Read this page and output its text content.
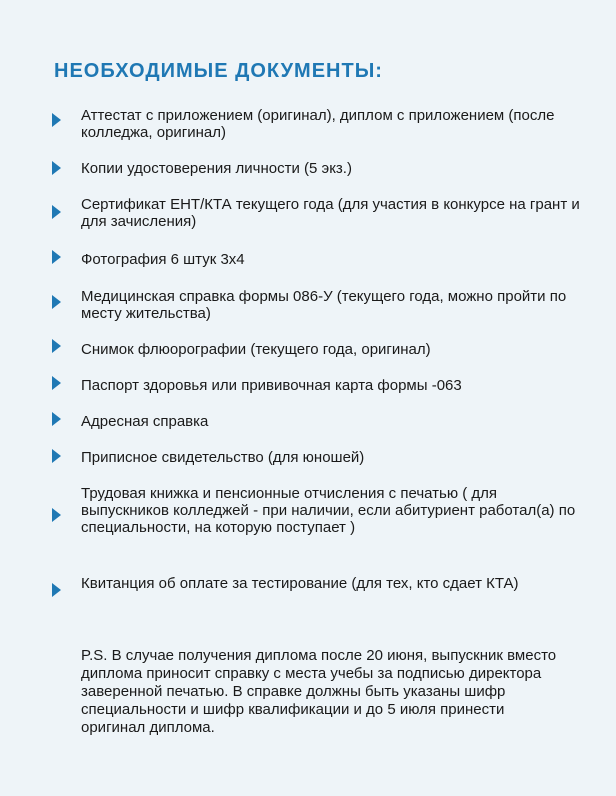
НЕОБХОДИМЫЕ ДОКУМЕНТЫ:

Аттестат с приложением (оригинал), диплом с приложением (после колледжа, оригинал)

Копии удостоверения личности (5 экз.)

Сертификат ЕНТ/КТА текущего года (для участия в конкурсе на грант и для зачисления)

Фотография 6 штук 3х4

Медицинская справка формы 086-У (текущего года, можно пройти по месту жительства)

Снимок флюорографии (текущего года, оригинал)

Паспорт здоровья или прививочная карта формы -063

Адресная справка

Приписное свидетельство (для юношей)

Трудовая книжка и пенсионные отчисления с печатью ( для выпускников колледжей - при наличии, если абитуриент работал(а) по специальности, на которую поступает )

Квитанция об оплате за тестирование (для тех, кто сдает КТА)

P.S. В случае получения диплома после 20 июня, выпускник вместо диплома приносит справку с места учебы за подписью директора заверенной печатью. В справке должны быть указаны шифр специальности и шифр квалификации и до 5 июля принести оригинал диплома.
